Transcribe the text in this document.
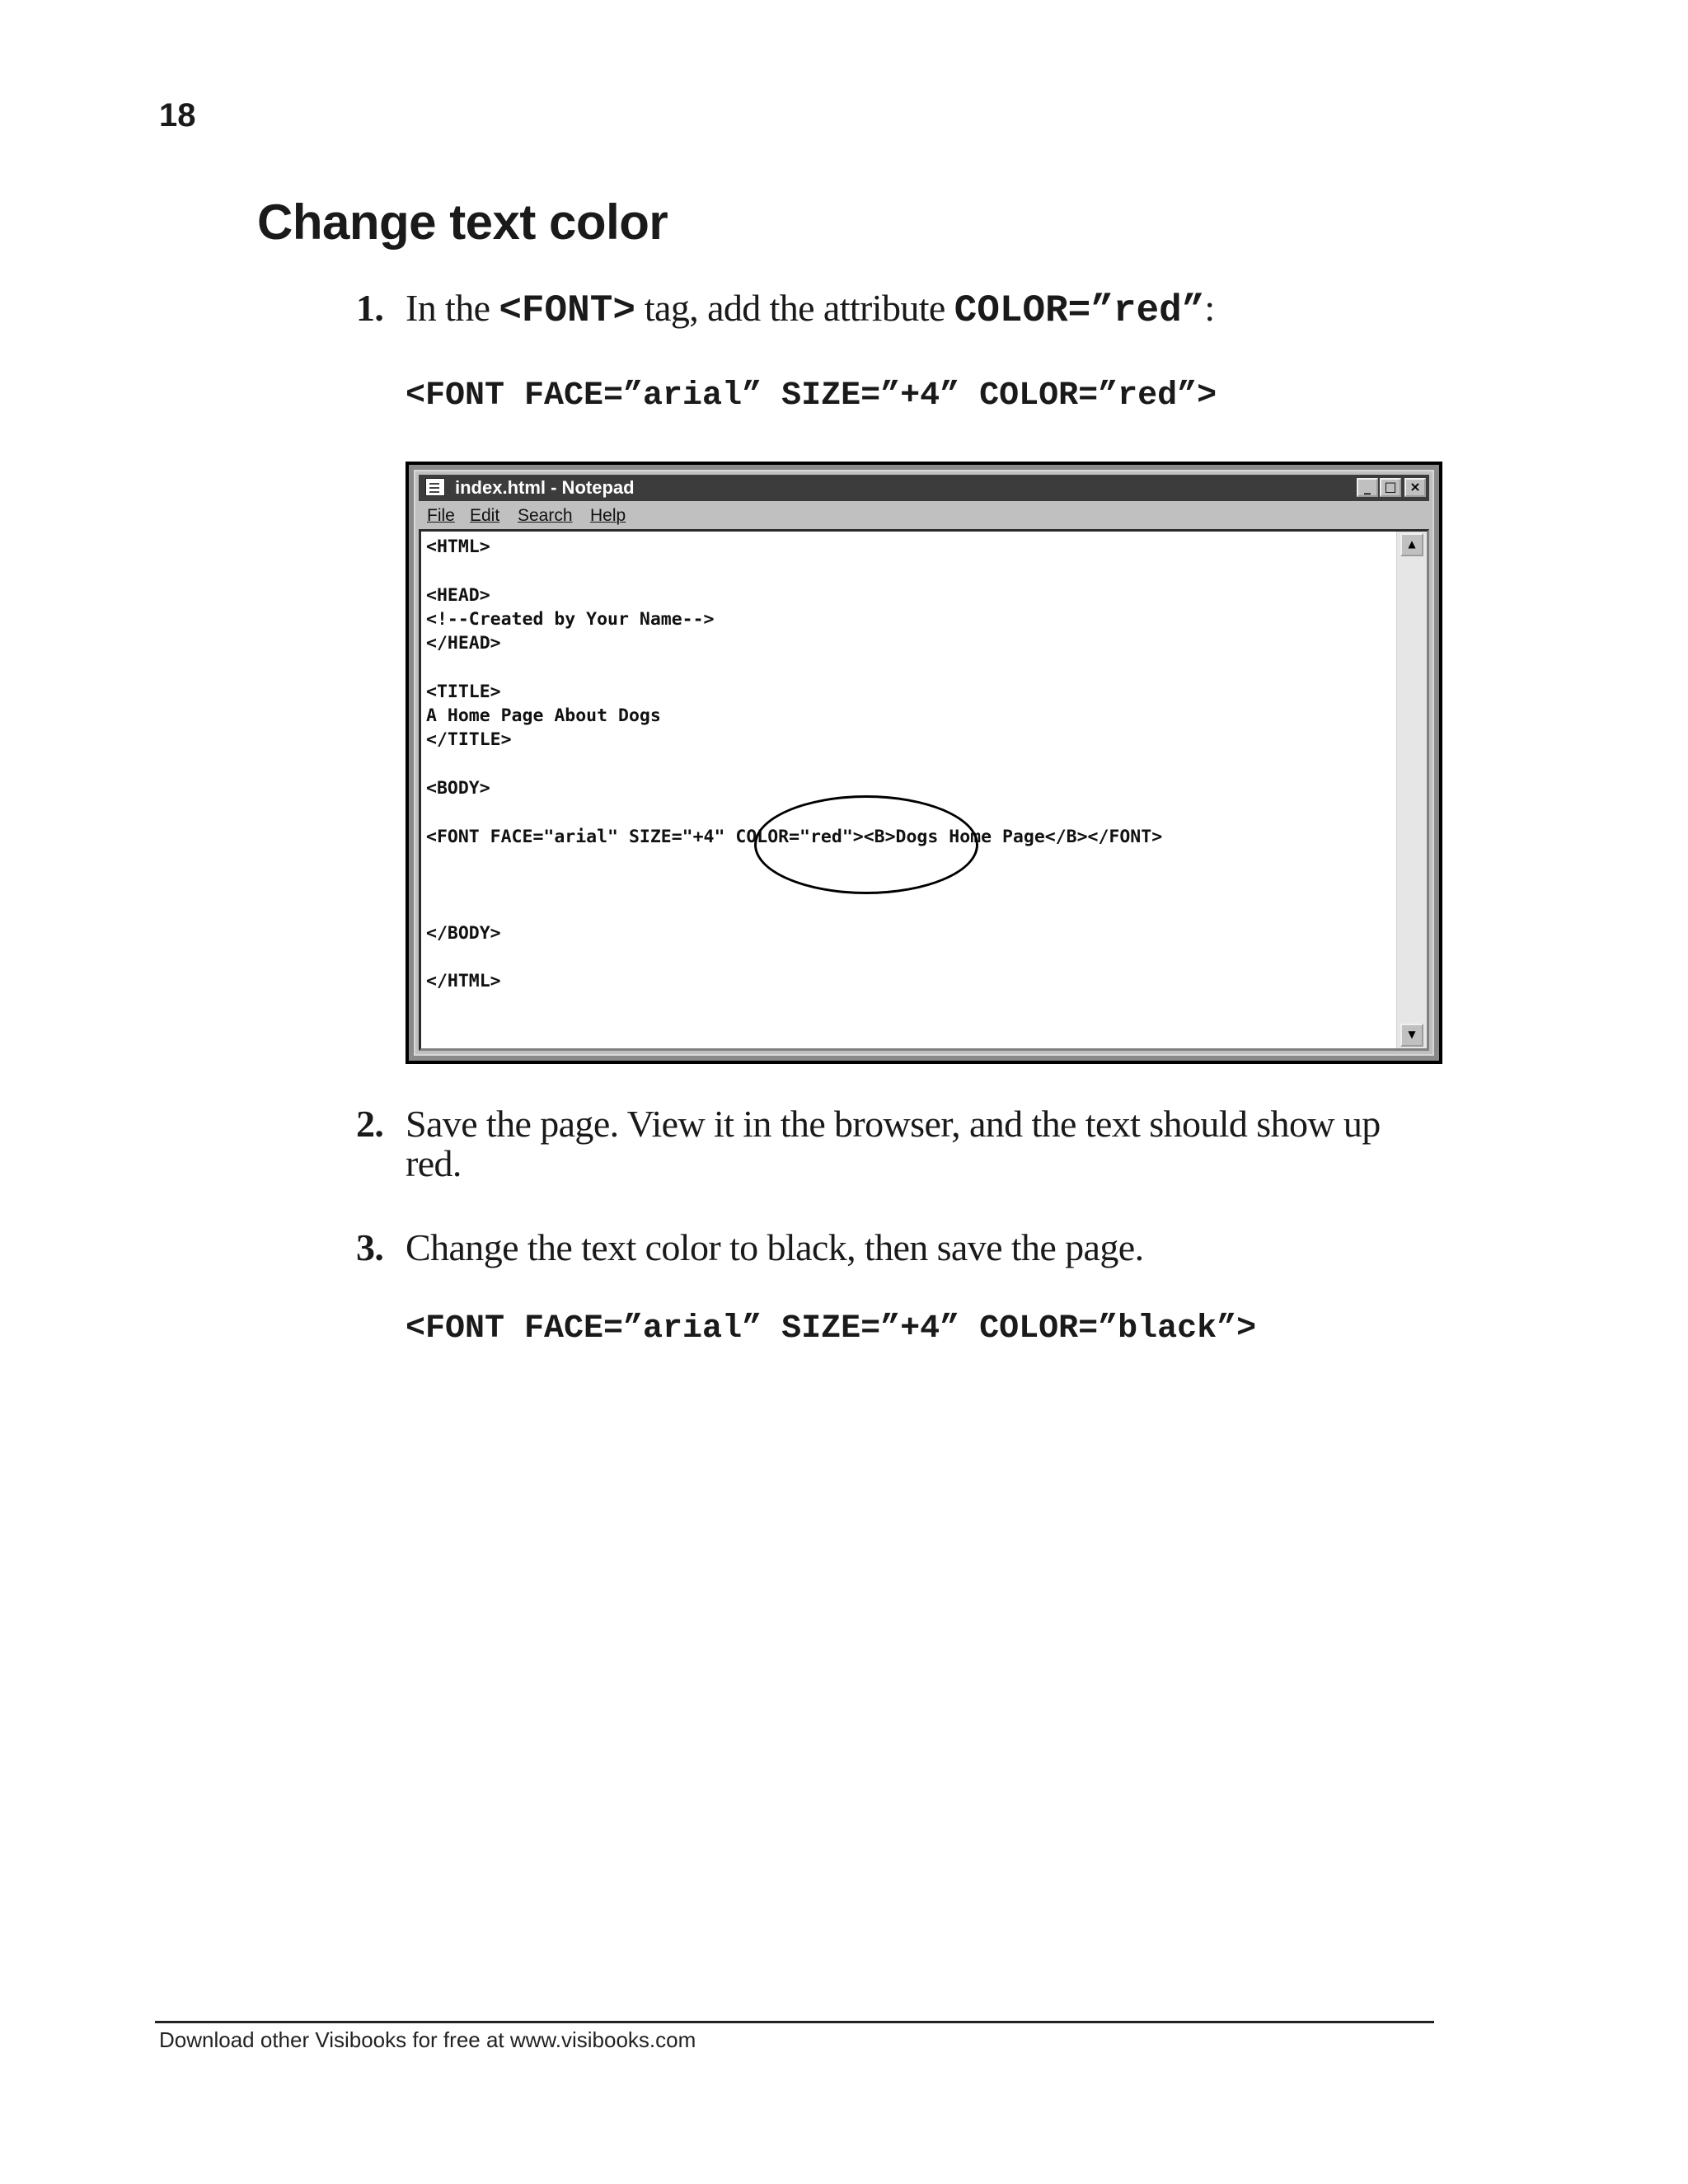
18
Change text color
1. In the <FONT> tag, add the attribute COLOR=”red”:
<FONT FACE=”arial” SIZE=”+4” COLOR=”red”>
index.html - Notepad	_	□ ×
File Edit Search Help
<HTML>

<HEAD>
<!--Created by Your Name-->
</HEAD>

<TITLE>
A Home Page About Dogs
</TITLE>

<BODY>

<FONT FACE="arial" SIZE="+4" COLOR="red"><B>Dogs Home Page</B></FONT>

</BODY>

</HTML>
▲
▼
2. Save the page. View it in the browser, and the text should show up red.
3. Change the text color to black, then save the page.
<FONT FACE=”arial” SIZE=”+4” COLOR=”black”>
Download other Visibooks for free at www.visibooks.com
